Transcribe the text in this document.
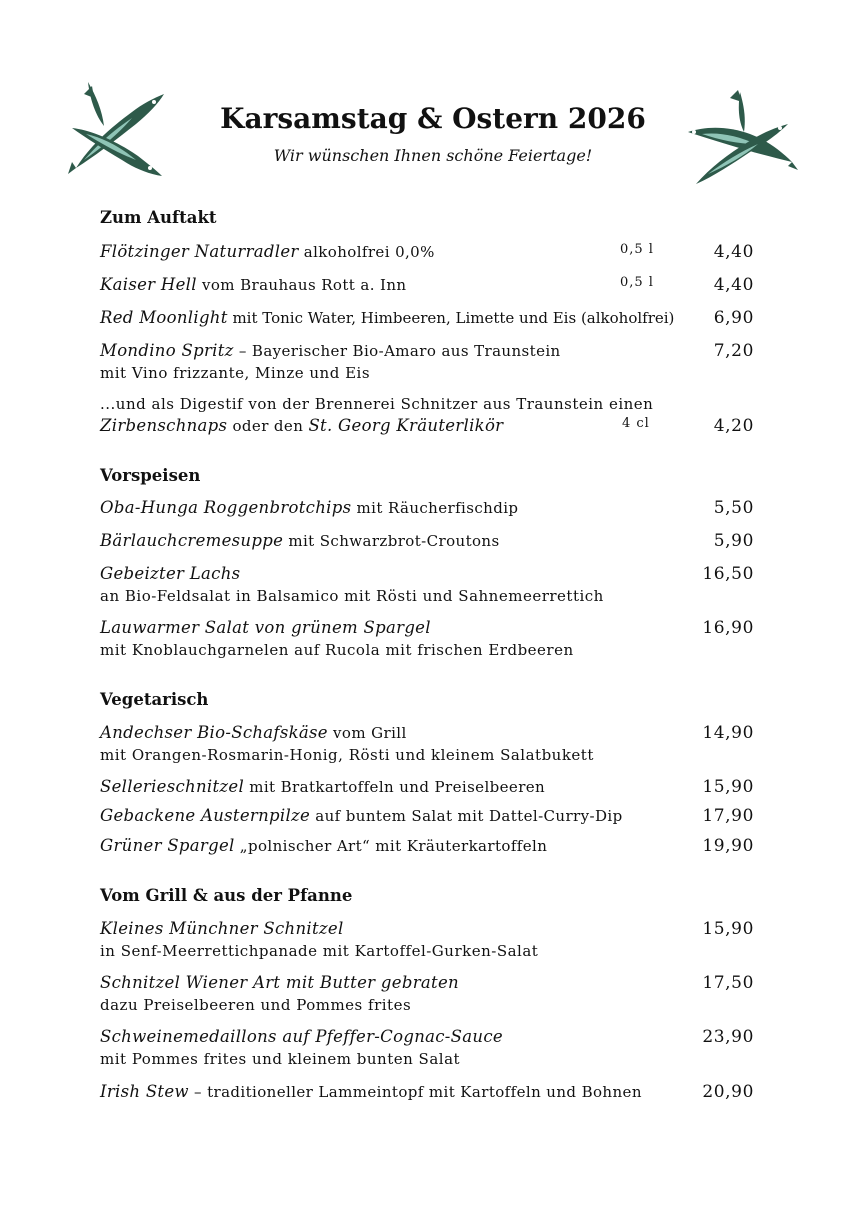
Karsamstag & Ostern 2026
Wir wünschen Ihnen schöne Feiertage!
Zum Auftakt
Flötzinger Naturradler alkoholfrei 0,0%	0,5 l	4,40
Kaiser Hell vom Brauhaus Rott a. Inn	0,5 l	4,40
Red Moonlight mit Tonic Water, Himbeeren, Limette und Eis (alkoholfrei) 6,90
Mondino Spritz – Bayerischer Bio-Amaro aus Traunstein	7,20
mit Vino frizzante, Minze und Eis
...und als Digestif von der Brennerei Schnitzer aus Traunstein einen
Zirbenschnaps oder den St. Georg Kräuterlikör	4 cl	4,20
Vorspeisen
Oba-Hunga Roggenbrotchips mit Räucherfischdip	5,50
Bärlauchcremesuppe mit Schwarzbrot-Croutons	5,90
Gebeizter Lachs	16,50
an Bio-Feldsalat in Balsamico mit Rösti und Sahnemeerrettich
Lauwarmer Salat von grünem Spargel	16,90
mit Knoblauchgarnelen auf Rucola mit frischen Erdbeeren
Vegetarisch
Andechser Bio-Schafskäse vom Grill	14,90
mit Orangen-Rosmarin-Honig, Rösti und kleinem Salatbukett
Sellerieschnitzel mit Bratkartoffeln und Preiselbeeren	15,90
Gebackene Austernpilze auf buntem Salat mit Dattel-Curry-Dip	17,90
Grüner Spargel „polnischer Art“ mit Kräuterkartoffeln	19,90
Vom Grill & aus der Pfanne
Kleines Münchner Schnitzel	15,90
in Senf-Meerrettichpanade mit Kartoffel-Gurken-Salat
Schnitzel Wiener Art mit Butter gebraten	17,50
dazu Preiselbeeren und Pommes frites
Schweinemedaillons auf Pfeffer-Cognac-Sauce	23,90
mit Pommes frites und kleinem bunten Salat
Irish Stew – traditioneller Lammeintopf mit Kartoffeln und Bohnen	20,90
